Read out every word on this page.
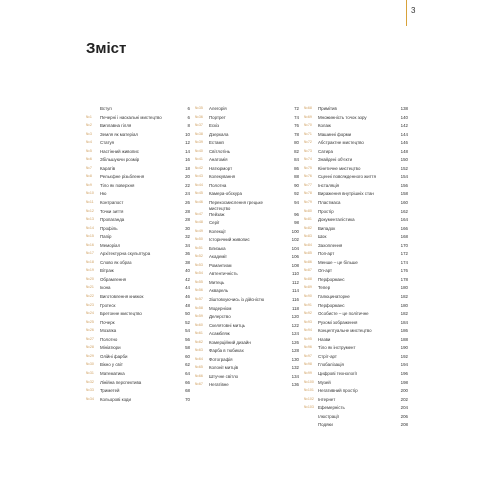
3
Зміст
Вступ	6
№1	Печерні і наскальні мистецтво	6
№2	Виплавна гілля	8
№3	Земля як матеріал	10
№4	Статуя	12
№5	Настінний живопис	14
№6	Збільшуючи розмір	16
№7	Каратів	18
№8	Рельєфне різьблення	20
№9	Тіло як поверхня	22
№10	Ню	24
№11	Контрапост	26
№12	Точки зиття	28
№13	Пропаганда	28
№14	Профіль	30
№15	Папір	32
№16	Меморіал	34
№17	Архітектурна скульптура	36
№18	Слово як образ	38
№19	Вітраж	40
№20	Обрамлення	42
№21	Ікона	44
№22	Виготовлення книжок	46
№23	Гротеск	48
№24	Бретонне мистецтво	50
№25	Почерк	52
№26	Мозаїка	54
№27	Полотно	56
№28	Мініатюри	58
№29	Олійні фарби	60
№30	Вікно у світ	62
№31	Математика	64
№32	Лінійна перспектива	66
№33	Триметей	68
№34	Кольорові коди	70
№35	Алегорія	72
№36	Портрет	74
№37	Ескіз	76
№38	Дзеркала	78
№39	Естамп	80
№40	Світлотінь	82
№41	Анатомія	84
№42	Натюрморт	86
№43	Колекування	88
№44	Полотна	90
№45	Камера-обскура	92
№46	Перекосмислення грецьке мистецтво
94
№47	Пейзаж	96
№48	Серії	98
№49	Колекції	100
№50	Історичний живопис	102
№51	Близька	104
№52	Академії	106
№53	Романтизм	108
№54	Автентичність	110
№55	Митець	112
№56	Акварель	114
№57	Зіштовхуючись із дійсністю	116
№58	Модерніом	118
№59	Делерство	120
№60	Скелятовні митць	122
№61	Асамбляж	124
№62	Комерційний дизайн	126
№63	Фарба в тюбиках	128
№64	Фотографія	130
№65	Колонії митців	132
№66	Штучне світло	134
№67	Негатівне	136
№68	Примітив	138
№69	Множинність точок зору	140
№70	Колаж	142
№71	Машинні форми	144
№72	Абстрактне мистецтво	146
№73	Сатира	148
№74	Знайдені об'єкти	150
№75	Кінетичне мистецтво	152
№76	Сценні повсякденного життя	154
№77	Інсталяція	156
№78	Вираження внутрішніх стан	158
№79	Пластмаса	160
№80	Простір	162
№81	Документалістика	164
№82	Випадок	166
№83	Шок	168
№84	Захоплення	170
№85	Поп-арт	172
№86	Менше – це більше	174
№87	Оп-арт	176
№88	Перформанс	178
№89	Тепер	180
№90	Галюцинаторне	182
№91	Перформанс	180
№92	Особисте – це політичне	182
№93	Рухомі зображення	184
№94	Концептуальне мистецтво	186
№95	Назви	188
№96	Тіло як інструмент	190
№97	Стріт-арт	192
№98	Глобалізація	194
№99	Цифрові технології	196
№100 Музей	198
№101 Негативний простір	200
№102 Інтернет	202
№103 Ефемерність	204
Ілюстрації	206
Подяки	208
